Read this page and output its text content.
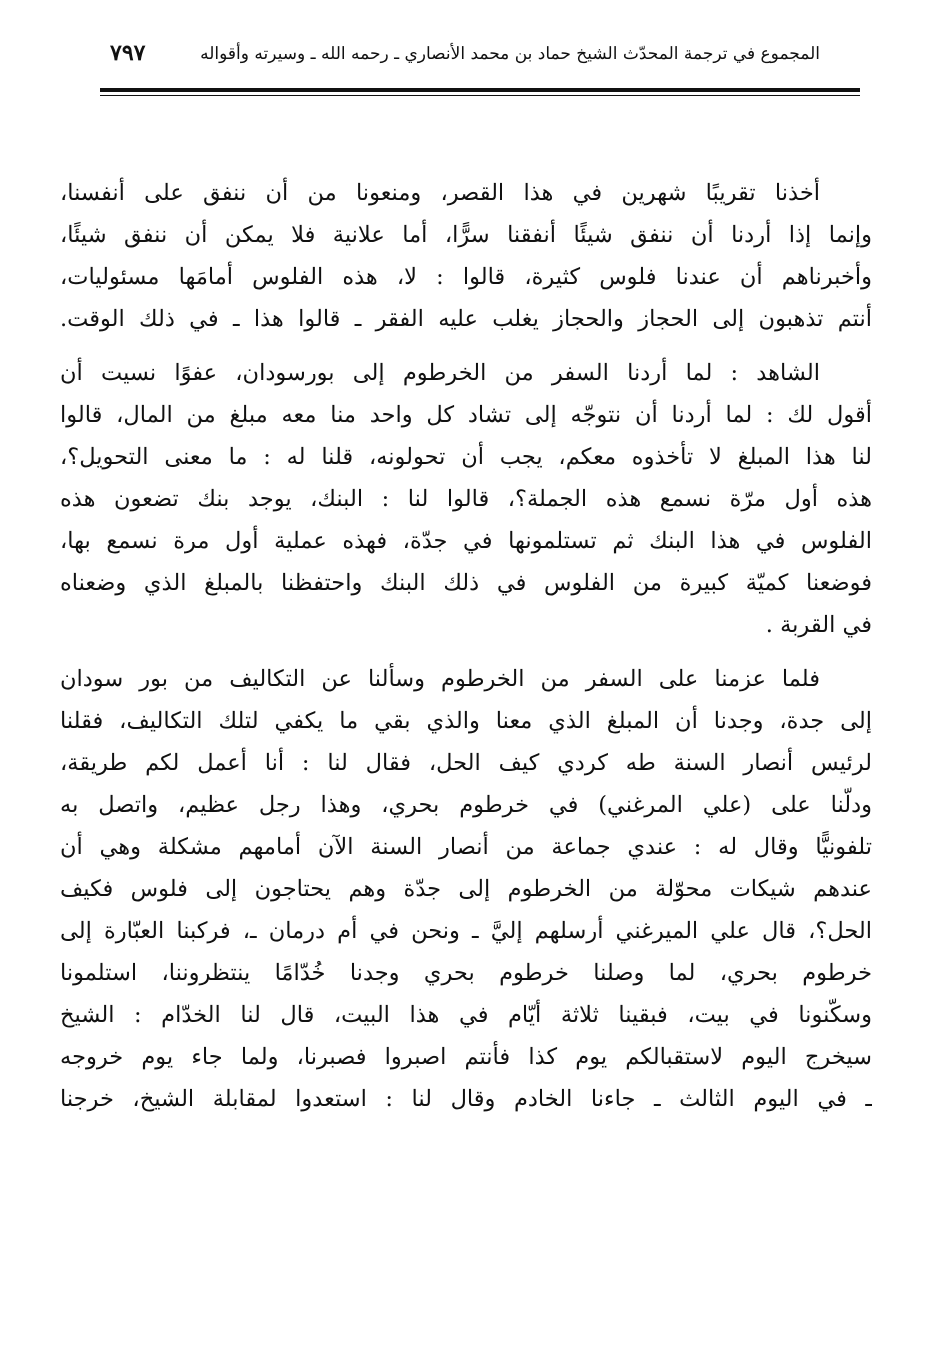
المجموع في ترجمة المحدّث الشيخ حماد بن محمد الأنصاري ـ رحمه الله ـ وسيرته وأقواله
٧٩٧
أخذنا تقريبًا شهرين في هذا القصر، ومنعونا من أن ننفق على أنفسنا،
وإنما إذا أردنا أن ننفق شيئًا أنفقنا سرًّا، أما علانية فلا يمكن أن ننفق شيئًا،
وأخبرناهم أن عندنا فلوس كثيرة، قالوا : لا، هذه الفلوس أمامَها مسئوليات،
أنتم تذهبون إلى الحجاز والحجاز يغلب عليه الفقر ـ قالوا هذا ـ في ذلك الوقت.
الشاهد : لما أردنا السفر من الخرطوم إلى بورسودان، عفوًا نسيت أن
أقول لك : لما أردنا أن نتوجّه إلى تشاد كل واحد منا معه مبلغ من المال، قالوا
لنا هذا المبلغ لا تأخذوه معكم، يجب أن تحولونه، قلنا له : ما معنى التحويل؟،
هذه أول مرّة نسمع هذه الجملة؟، قالوا لنا : البنك، يوجد بنك تضعون هذه
الفلوس في هذا البنك ثم تستلمونها في جدّة، فهذه عملية أول مرة نسمع بها،
فوضعنا كميّة كبيرة من الفلوس في ذلك البنك واحتفظنا بالمبلغ الذي وضعناه
في القربة .
فلما عزمنا على السفر من الخرطوم وسألنا عن التكاليف من بور سودان
إلى جدة، وجدنا أن المبلغ الذي معنا والذي بقي ما يكفي لتلك التكاليف، فقلنا
لرئيس أنصار السنة طه كردي كيف الحل، فقال لنا : أنا أعمل لكم طريقة،
ودلّنا على (علي المرغني) في خرطوم بحري، وهذا رجل عظيم، واتصل به
تلفونيًّا وقال له : عندي جماعة من أنصار السنة الآن أمامهم مشكلة وهي أن
عندهم شيكات محوّلة من الخرطوم إلى جدّة وهم يحتاجون إلى فلوس فكيف
الحل؟، قال علي الميرغني أرسلهم إليَّ ـ ونحن في أم درمان ـ، فركبنا العبّارة إلى
خرطوم بحري، لما وصلنا خرطوم بحري وجدنا خُدّامًا ينتظروننا، استلمونا
وسكّنونا في بيت، فبقينا ثلاثة أيّام في هذا البيت، قال لنا الخدّام : الشيخ
سيخرج اليوم لاستقبالكم يوم كذا فأنتم اصبروا فصبرنا، ولما جاء يوم خروجه
ـ في اليوم الثالث ـ جاءنا الخادم وقال لنا : استعدوا لمقابلة الشيخ، خرجنا
